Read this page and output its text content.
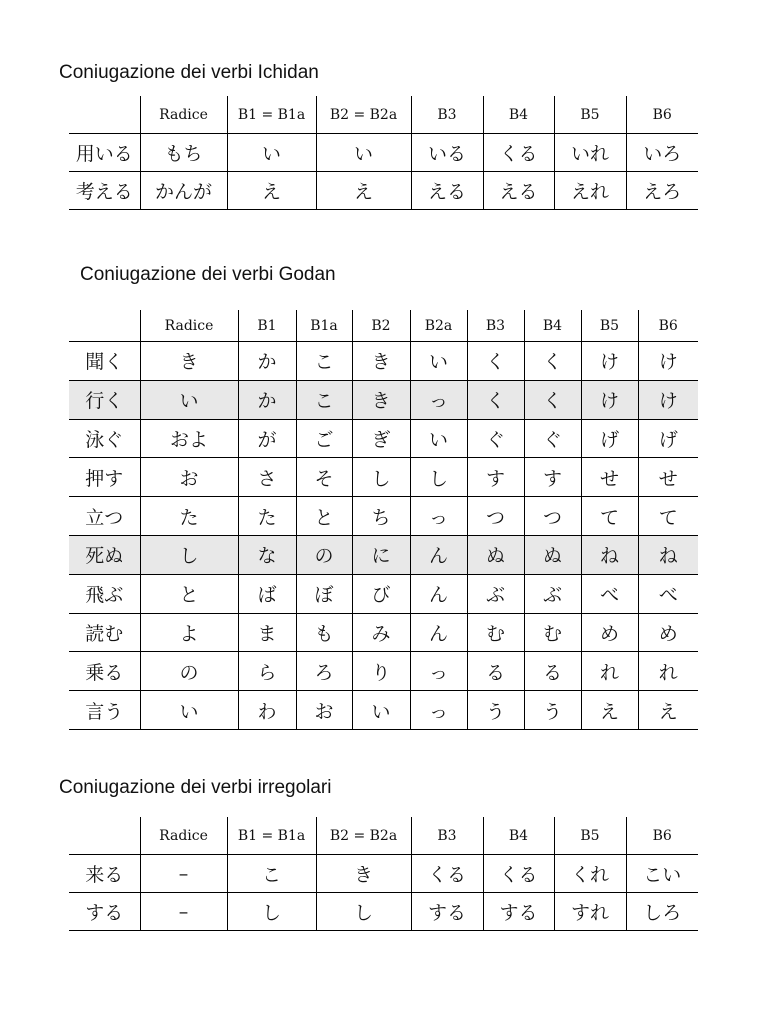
Coniugazione dei verbi Ichidan
	Radice	B1 = B1a	B2 = B2a	B3	B4	B5	B6
用いる	もち	い	い	いる	くる	いれ	いろ
考える	かんが	え	え	える	える	えれ	えろ
Coniugazione dei verbi Godan
	Radice	B1	B1a	B2	B2a	B3	B4	B5	B6
聞く	き	か	こ	き	い	く	く	け	け
行く	い	か	こ	き	っ	く	く	け	け
泳ぐ	およ	が	ご	ぎ	い	ぐ	ぐ	げ	げ
押す	お	さ	そ	し	し	す	す	せ	せ
立つ	た	た	と	ち	っ	つ	つ	て	て
死ぬ	し	な	の	に	ん	ぬ	ぬ	ね	ね
飛ぶ	と	ば	ぼ	び	ん	ぶ	ぶ	べ	べ
読む	よ	ま	も	み	ん	む	む	め	め
乗る	の	ら	ろ	り	っ	る	る	れ	れ
言う	い	わ	お	い	っ	う	う	え	え
Coniugazione dei verbi irregolari
	Radice	B1 = B1a	B2 = B2a	B3	B4	B5	B6
来る	–	こ	き	くる	くる	くれ	こい
する	–	し	し	する	する	すれ	しろ
